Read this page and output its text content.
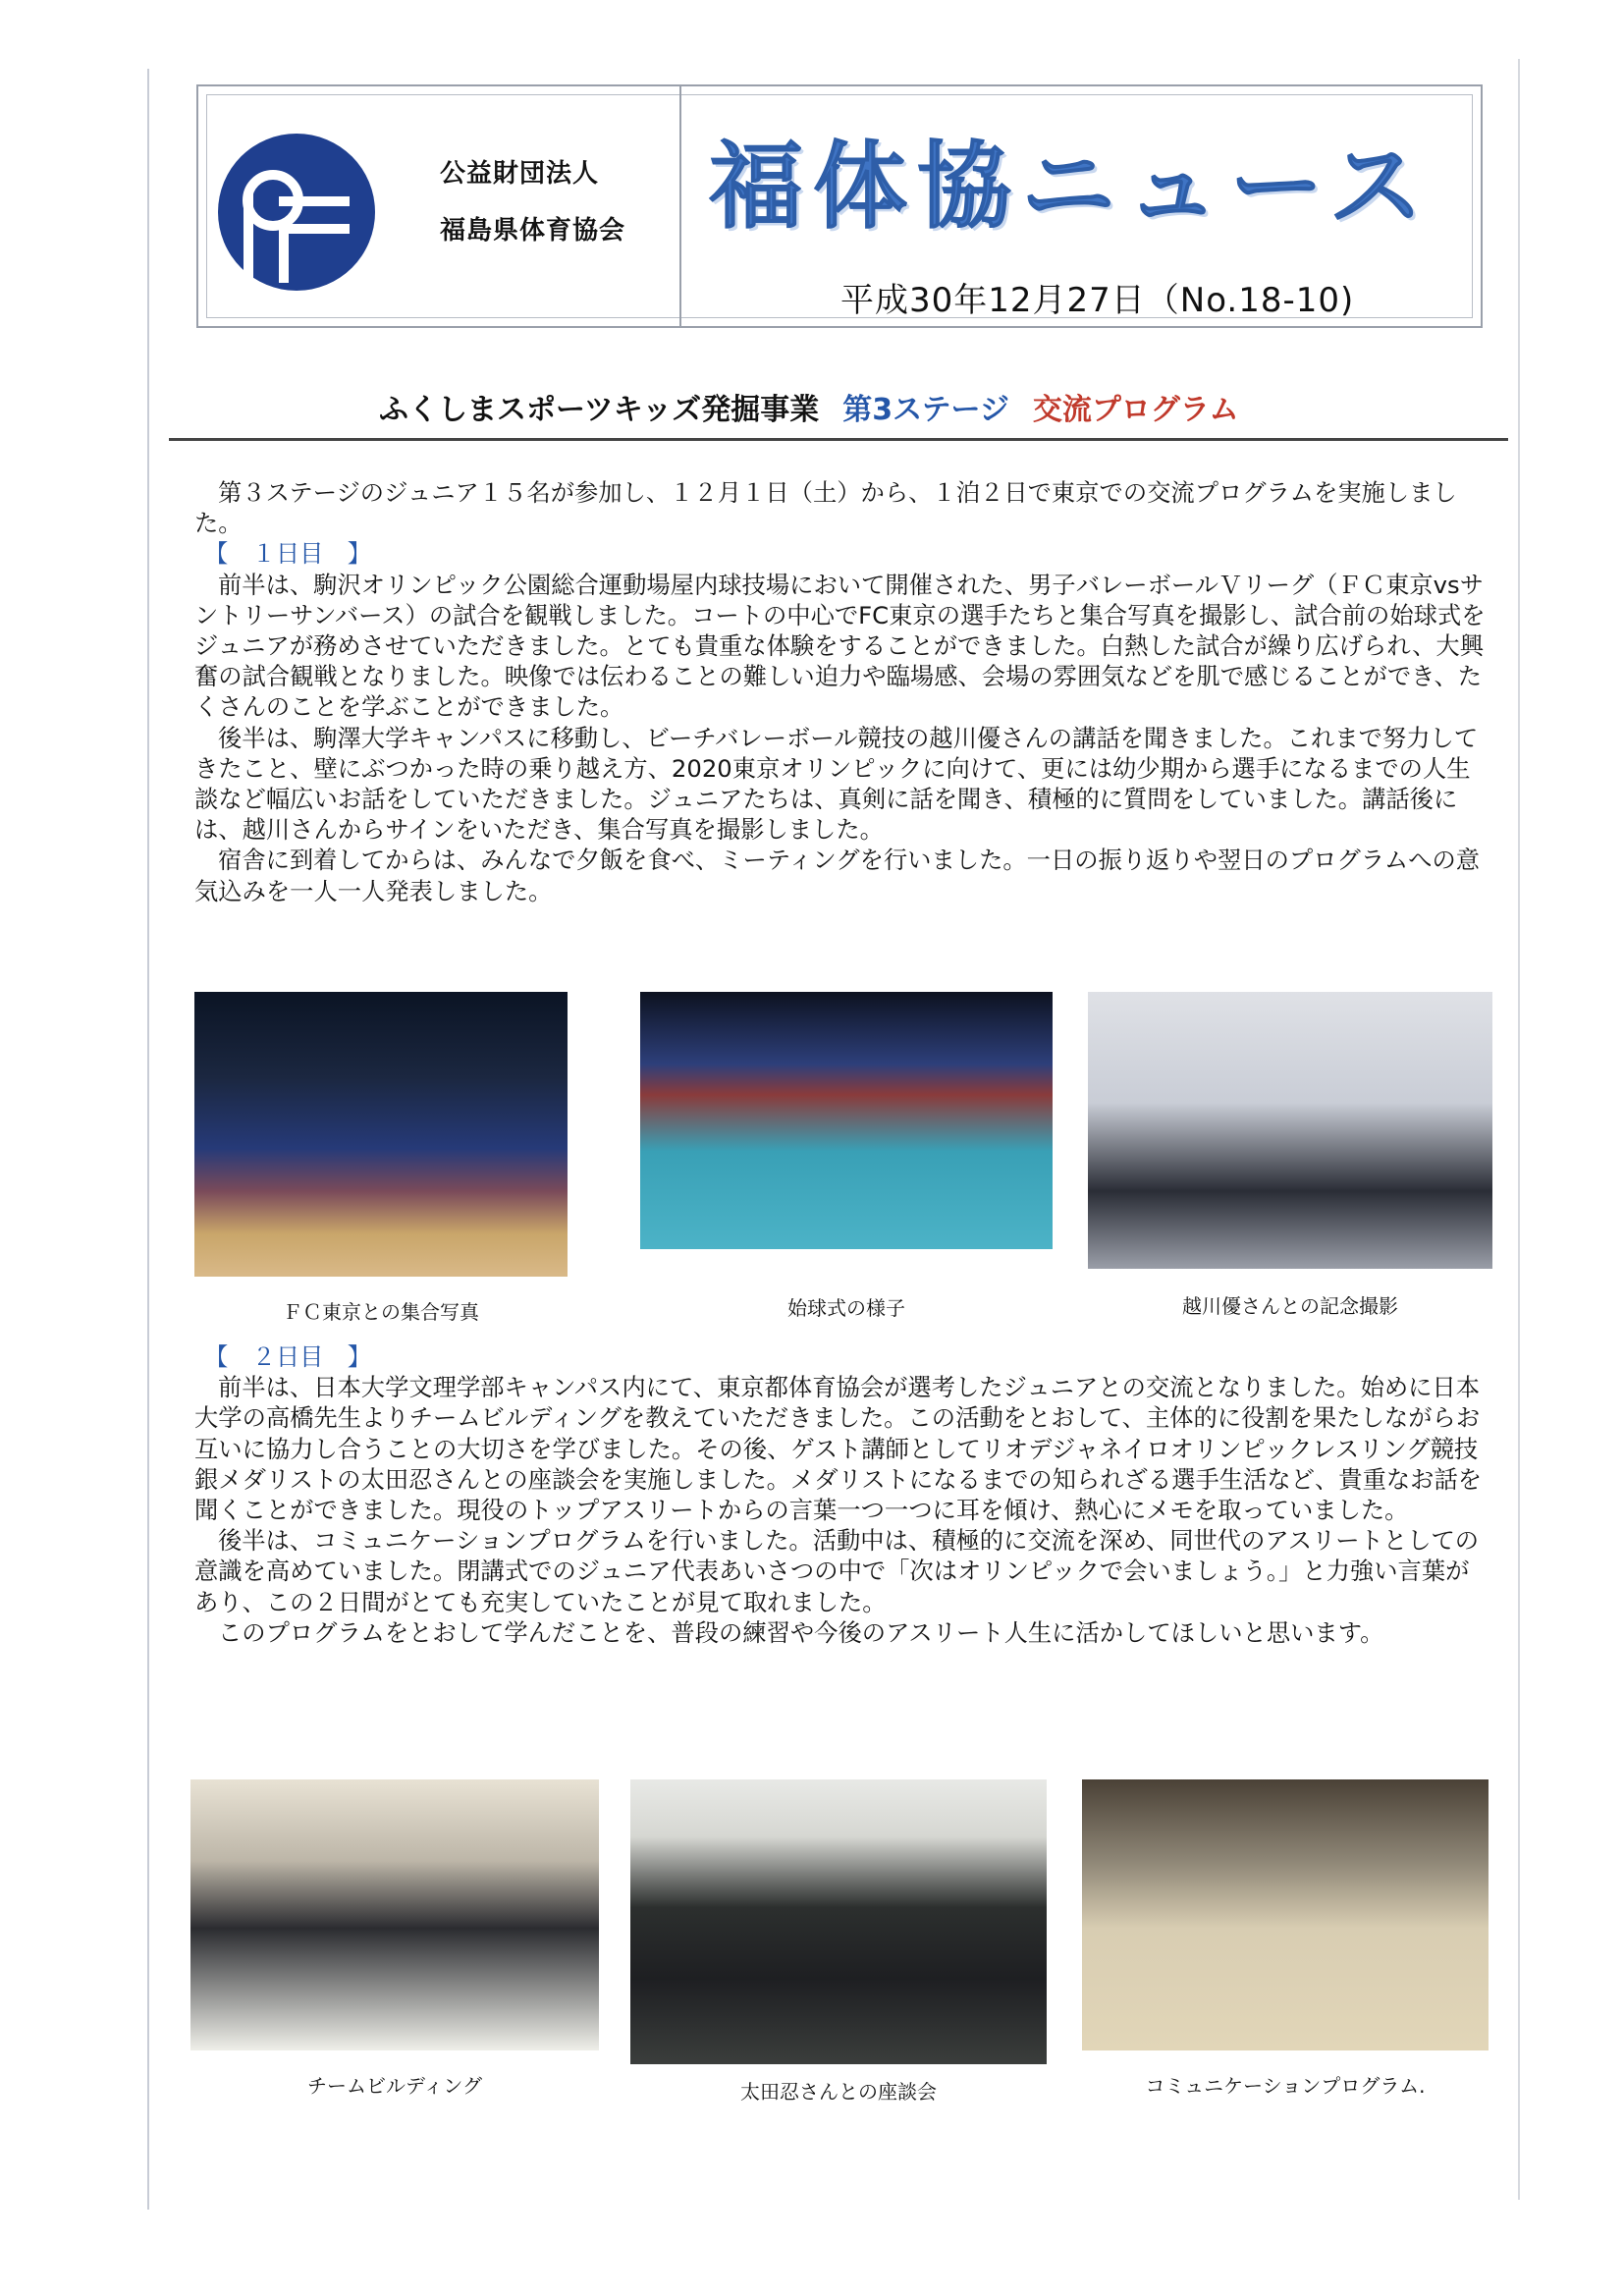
公益財団法人
福島県体育協会 福体協ニュース
平成30年12月27日（No.18-10)
ふくしまスポーツキッズ発掘事業 第3ステージ 交流プログラム

第３ステージのジュニア１５名が参加し、１２月１日（土）から、１泊２日で東京での交流プログラムを実施しました。

【　１日目　】

前半は、駒沢オリンピック公園総合運動場屋内球技場において開催された、男子バレーボールＶリーグ（ＦＣ東京vsサントリーサンバース）の試合を観戦しました。コートの中心でFC東京の選手たちと集合写真を撮影し、試合前の始球式をジュニアが務めさせていただきました。とても貴重な体験をすることができました。白熱した試合が繰り広げられ、大興奮の試合観戦となりました。映像では伝わることの難しい迫力や臨場感、会場の雰囲気などを肌で感じることができ、たくさんのことを学ぶことができました。

後半は、駒澤大学キャンパスに移動し、ビーチバレーボール競技の越川優さんの講話を聞きました。これまで努力してきたこと、壁にぶつかった時の乗り越え方、2020東京オリンピックに向けて、更には幼少期から選手になるまでの人生談など幅広いお話をしていただきました。ジュニアたちは、真剣に話を聞き、積極的に質問をしていました。講話後には、越川さんからサインをいただき、集合写真を撮影しました。

宿舎に到着してからは、みんなで夕飯を食べ、ミーティングを行いました。一日の振り返りや翌日のプログラムへの意気込みを一人一人発表しました。

ＦＣ東京との集合写真	始球式の様子	越川優さんとの記念撮影

【　２日目　】

前半は、日本大学文理学部キャンパス内にて、東京都体育協会が選考したジュニアとの交流となりました。始めに日本大学の高橋先生よりチームビルディングを教えていただきました。この活動をとおして、主体的に役割を果たしながらお互いに協力し合うことの大切さを学びました。その後、ゲスト講師としてリオデジャネイロオリンピックレスリング競技銀メダリストの太田忍さんとの座談会を実施しました。メダリストになるまでの知られざる選手生活など、貴重なお話を聞くことができました。現役のトップアスリートからの言葉一つ一つに耳を傾け、熱心にメモを取っていました。

後半は、コミュニケーションプログラムを行いました。活動中は、積極的に交流を深め、同世代のアスリートとしての意識を高めていました。閉講式でのジュニア代表あいさつの中で「次はオリンピックで会いましょう。」と力強い言葉があり、この２日間がとても充実していたことが見て取れました。

このプログラムをとおして学んだことを、普段の練習や今後のアスリート人生に活かしてほしいと思います。

チームビルディング	太田忍さんとの座談会	コミュニケーションプログラム.
